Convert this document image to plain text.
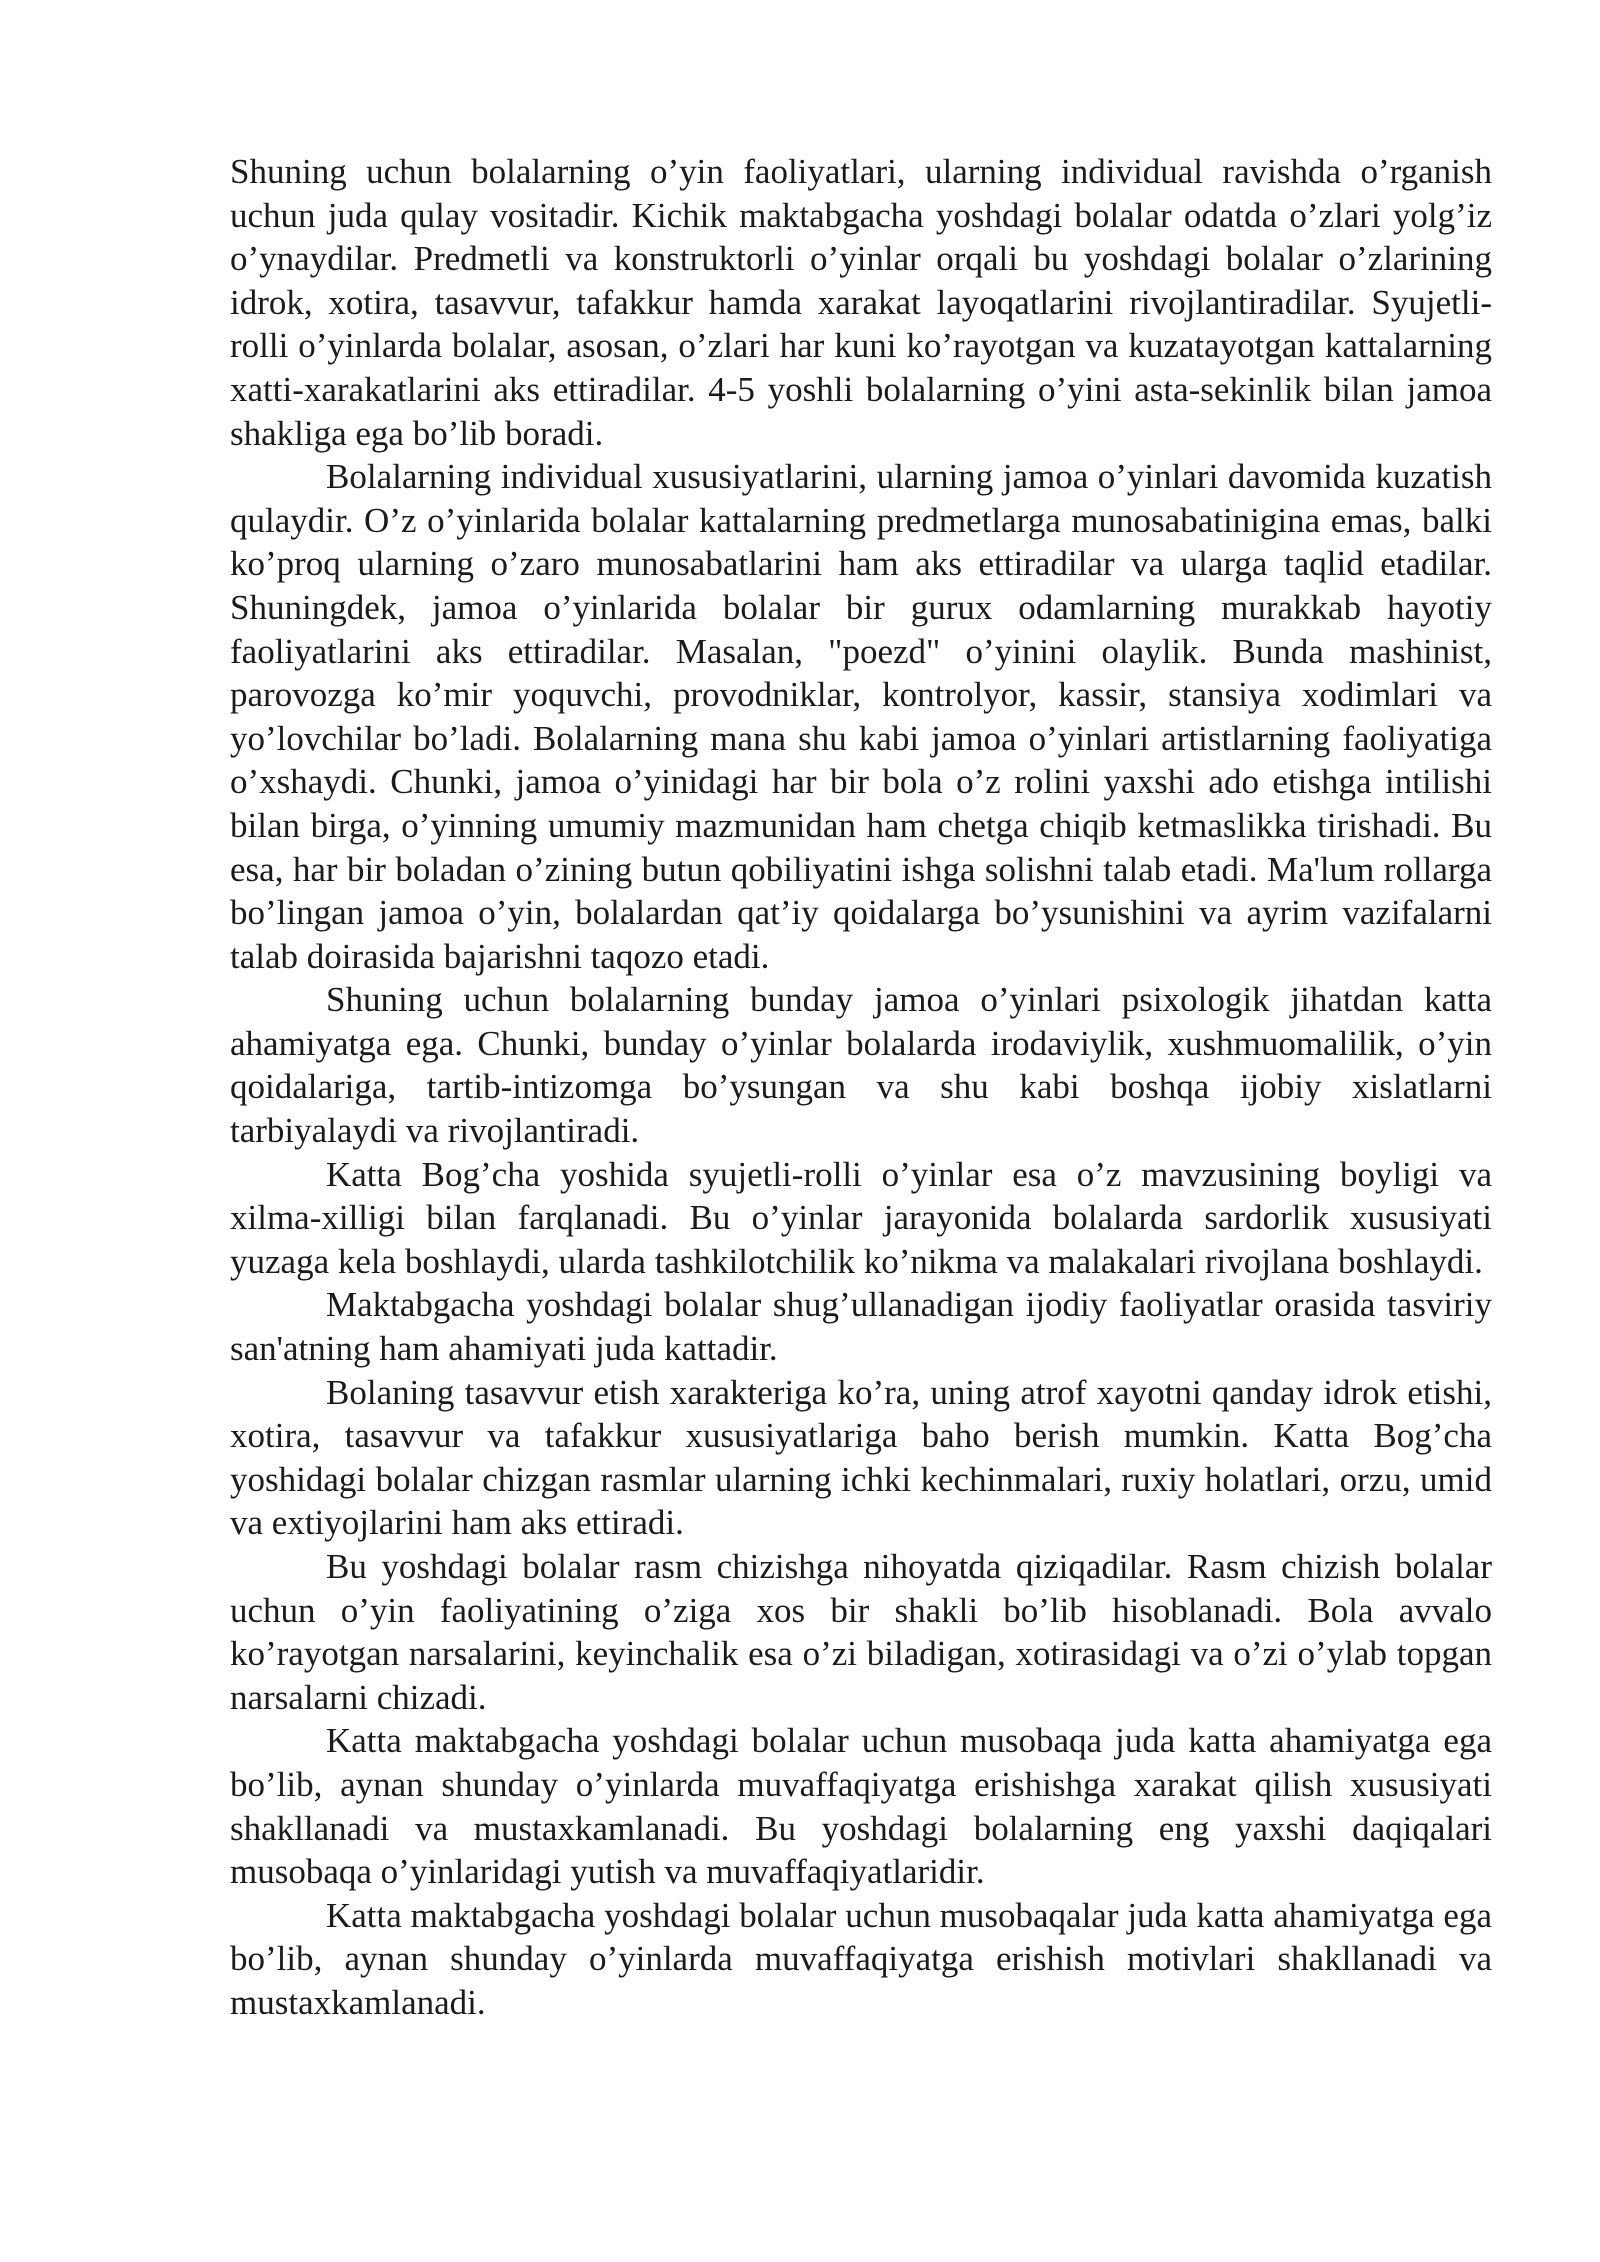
Shuning uchun bolalarning o’yin faoliyatlari, ularning individual ravishda o’rganish uchun juda qulay vositadir. Kichik maktabgacha yoshdagi bolalar odatda o’zlari yolg’iz o’ynaydilar. Predmetli va konstruktorli o’yinlar orqali bu yoshdagi bolalar o’zlarining idrok, xotira, tasavvur, tafakkur hamda xarakat layoqatlarini rivojlantiradilar. Syujetli-rolli o’yinlarda bolalar, asosan, o’zlari har kuni ko’rayotgan va kuzatayotgan kattalarning xatti-xarakatlarini aks ettiradilar. 4-5 yoshli bolalarning o’yini asta-sekinlik bilan jamoa shakliga ega bo’lib boradi.

Bolalarning individual xususiyatlarini, ularning jamoa o’yinlari davomida kuzatish qulaydir. O’z o’yinlarida bolalar kattalarning predmetlarga munosabatinigina emas, balki ko’proq ularning o’zaro munosabatlarini ham aks ettiradilar va ularga taqlid etadilar. Shuningdek, jamoa o’yinlarida bolalar bir gurux odamlarning murakkab hayotiy faoliyatlarini aks ettiradilar. Masalan, "poezd" o’yinini olaylik. Bunda mashinist, parovozga ko’mir yoquvchi, provodniklar, kontrolyor, kassir, stansiya xodimlari va yo’lovchilar bo’ladi. Bolalarning mana shu kabi jamoa o’yinlari artistlarning faoliyatiga o’xshaydi. Chunki, jamoa o’yinidagi har bir bola o’z rolini yaxshi ado etishga intilishi bilan birga, o’yinning umumiy mazmunidan ham chetga chiqib ketmaslikka tirishadi. Bu esa, har bir boladan o’zining butun qobiliyatini ishga solishni talab etadi. Ma'lum rollarga bo’lingan jamoa o’yin, bolalardan qat’iy qoidalarga bo’ysunishini va ayrim vazifalarni talab doirasida bajarishni taqozo etadi.

Shuning uchun bolalarning bunday jamoa o’yinlari psixologik jihatdan katta ahamiyatga ega. Chunki, bunday o’yinlar bolalarda irodaviylik, xushmuomalilik, o’yin qoidalariga, tartib-intizomga bo’ysungan va shu kabi boshqa ijobiy xislatlarni tarbiyalaydi va rivojlantiradi.

Katta Bog’cha yoshida syujetli-rolli o’yinlar esa o’z mavzusining boyligi va xilma-xilligi bilan farqlanadi. Bu o’yinlar jarayonida bolalarda sardorlik xususiyati yuzaga kela boshlaydi, ularda tashkilotchilik ko’nikma va malakalari rivojlana boshlaydi.

Maktabgacha yoshdagi bolalar shug’ullanadigan ijodiy faoliyatlar orasida tasviriy san'atning ham ahamiyati juda kattadir.

Bolaning tasavvur etish xarakteriga ko’ra, uning atrof xayotni qanday idrok etishi, xotira, tasavvur va tafakkur xususiyatlariga baho berish mumkin. Katta Bog’cha yoshidagi bolalar chizgan rasmlar ularning ichki kechinmalari, ruxiy holatlari, orzu, umid va extiyojlarini ham aks ettiradi.

Bu yoshdagi bolalar rasm chizishga nihoyatda qiziqadilar. Rasm chizish bolalar uchun o’yin faoliyatining o’ziga xos bir shakli bo’lib hisoblanadi. Bola avvalo ko’rayotgan narsalarini, keyinchalik esa o’zi biladigan, xotirasidagi va o’zi o’ylab topgan narsalarni chizadi.

Katta maktabgacha yoshdagi bolalar uchun musobaqa juda katta ahamiyatga ega bo’lib, aynan shunday o’yinlarda muvaffaqiyatga erishishga xarakat qilish xususiyati shakllanadi va mustaxkamlanadi. Bu yoshdagi bolalarning eng yaxshi daqiqalari musobaqa o’yinlaridagi yutish va muvaffaqiyatlaridir.

Katta maktabgacha yoshdagi bolalar uchun musobaqalar juda katta ahamiyatga ega bo’lib, aynan shunday o’yinlarda muvaffaqiyatga erishish motivlari shakllanadi va mustaxkamlanadi.
